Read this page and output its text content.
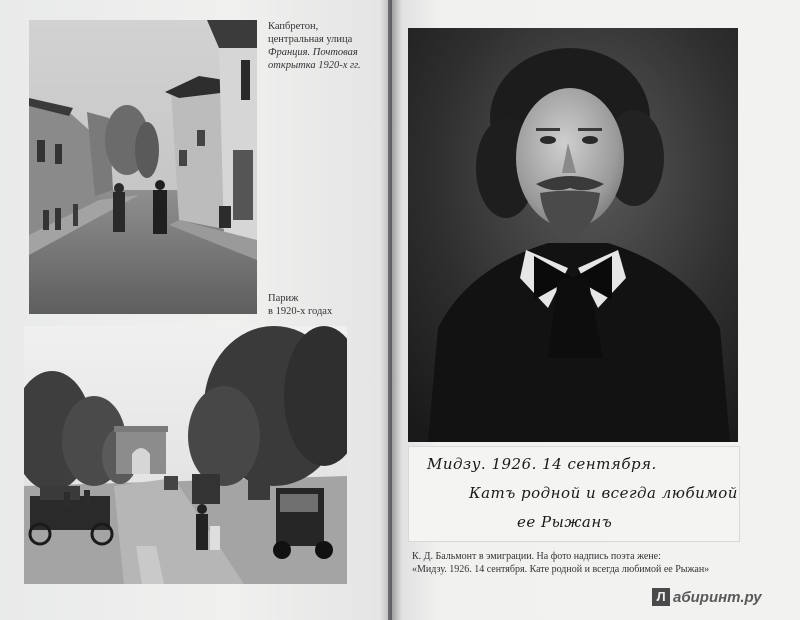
Капбретон,
центральная улица
Франция. Почтовая
открытка 1920-х гг.
Париж
в 1920-х годах
Мидзу. 1926. 14 сентября.
Катъ родной и всегда любимой
ее Рыжанъ
К. Д. Бальмонт в эмиграции. На фото надпись поэта жене:
«Мидзу. 1926. 14 сентября. Кате родной и всегда любимой ее Рыжан»
Л абиринт.ру
